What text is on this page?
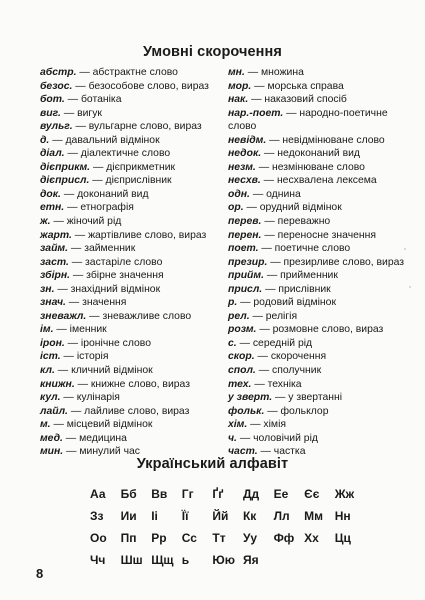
Умовні скорочення
абстр. — абстрактне слово
безос. — безособове слово, вираз
бот. — ботаніка
виг. — вигук
вульг. — вульгарне слово, вираз
д. — давальний відмінок
діал. — діалектичне слово
дієприкм. — дієприкметник
дієприсл. — дієприслівник
док. — доконаний вид
етн. — етнографія
ж. — жіночий рід
жарт. — жартівливе слово, вираз
займ. — займенник
заст. — застаріле слово
збірн. — збірне значення
зн. — знахідний відмінок
знач. — значення
зневажл. — зневажливе слово
ім. — іменник
ірон. — іронічне слово
іст. — історія
кл. — кличний відмінок
книжн. — книжне слово, вираз
кул. — кулінарія
лайл. — лайливе слово, вираз
м. — місцевий відмінок
мед. — медицина
мин. — минулий час
мн. — множина
мор. — морська справа
нак. — наказовий спосіб
нар.-поет. — народно-поетичне слово
невідм. — невідмінюване слово
недок. — недоконаний вид
незм. — незмінюване слово
несхв. — несхвалена лексема
одн. — однина
ор. — орудний відмінок
перев. — переважно
перен. — переносне значення
поет. — поетичне слово
презир. — презирливе слово, вираз
прийм. — прийменник
присл. — прислівник
р. — родовий відмінок
рел. — релігія
розм. — розмовне слово, вираз
с. — середній рід
скор. — скорочення
спол. — сполучник
тех. — техніка
у зверт. — у звертанні
фольк. — фольклор
хім. — хімія
ч. — чоловічий рід
част. — частка
Український алфавіт
Аа	Бб	Вв	Гг	Ґґ	Дд	Ее	Єє	Жж
Зз	Ии	Іі	Її	Йй	Кк	Лл	Мм Нн
Оо	Пп	Рр	Сс	Тт	Уу	Фф Хх	Цц
Чч	Шш Щщ ь	Юю Яя
8
